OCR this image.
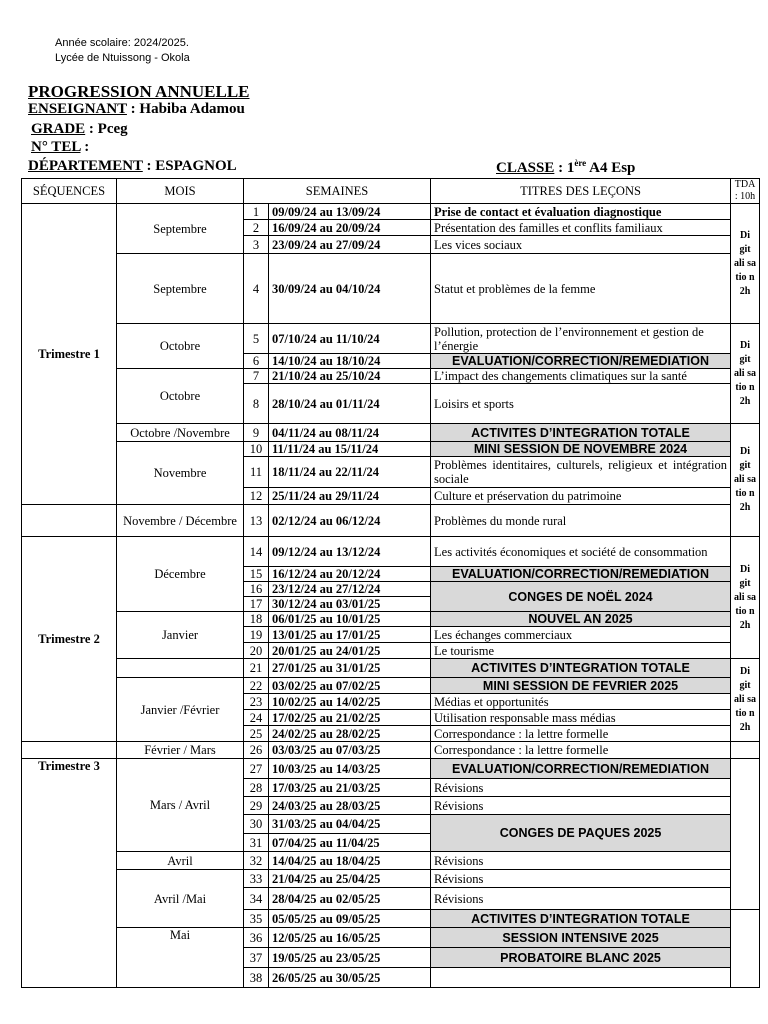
Année scolaire: 2024/2025.
Lycée de Ntuissong - Okola
PROGRESSION ANNUELLE
ENSEIGNANT : Habiba Adamou
GRADE : Pceg
N° TEL :
DÉPARTEMENT : ESPAGNOL	CLASSE : 1ère A4 Esp
SÉQUENCES	MOIS	SEMAINES		TITRES DES LEÇONS	TDA : 10h
Trimestre 1	Septembre	1	09/09/24 au 13/09/24	Prise de contact et évaluation diagnostique	Di git ali sa tio n 2h
		2	16/09/24 au 20/09/24	Présentation des familles et conflits familiaux	
		3	23/09/24 au 27/09/24	Les vices sociaux	
	Septembre	4	30/09/24 au 04/10/24	Statut et problèmes de la femme	
	Octobre	5	07/10/24 au 11/10/24	Pollution, protection de l’environnement et gestion de l’énergie	Di git ali sa tio n 2h
		6	14/10/24 au 18/10/24	EVALUATION/CORRECTION/REMEDIATION	
	Octobre	7	21/10/24 au 25/10/24	L’impact des changements climatiques sur la santé	
		8	28/10/24 au 01/11/24	Loisirs et sports	
	Octobre /Novembre	9	04/11/24 au 08/11/24	ACTIVITES D’INTEGRATION TOTALE	Di git ali sa tio n 2h
	Novembre	10	11/11/24 au 15/11/24	MINI SESSION DE NOVEMBRE 2024	
		11	18/11/24 au 22/11/24	Problèmes identitaires, culturels, religieux et intégration sociale	
		12	25/11/24 au 29/11/24	Culture et préservation du patrimoine	
	Novembre / Décembre	13	02/12/24 au 06/12/24	Problèmes du monde rural	
Trimestre 2	Décembre	14	09/12/24 au 13/12/24	Les activités économiques et société de consommation	Di git ali sa tio n 2h
		15	16/12/24 au 20/12/24	EVALUATION/CORRECTION/REMEDIATION	
		16	23/12/24 au 27/12/24	CONGES DE NOËL 2024	
		17	30/12/24 au 03/01/25		
	Janvier	18	06/01/25 au 10/01/25	NOUVEL AN 2025	
		19	13/01/25 au 17/01/25	Les échanges commerciaux	
		20	20/01/25 au 24/01/25	Le tourisme	
		21	27/01/25 au 31/01/25	ACTIVITES D’INTEGRATION TOTALE	Di git ali sa tio n 2h
	Janvier /Février	22	03/02/25 au 07/02/25	MINI SESSION DE FEVRIER 2025	
		23	10/02/25 au 14/02/25	Médias et opportunités	
		24	17/02/25 au 21/02/25	Utilisation responsable mass médias	
		25	24/02/25 au 28/02/25	Correspondance : la lettre formelle	
	Février / Mars	26	03/03/25 au 07/03/25	Correspondance : la lettre formelle	
Trimestre 3	Mars / Avril	27	10/03/25 au 14/03/25	EVALUATION/CORRECTION/REMEDIATION	
		28	17/03/25 au 21/03/25	Révisions	
		29	24/03/25 au 28/03/25	Révisions	
		30	31/03/25 au 04/04/25	CONGES DE PAQUES 2025	
		31	07/04/25 au 11/04/25		
	Avril	32	14/04/25 au 18/04/25	Révisions	
	Avril /Mai	33	21/04/25 au 25/04/25	Révisions	
		34	28/04/25 au 02/05/25	Révisions	
		35	05/05/25 au 09/05/25	ACTIVITES D’INTEGRATION TOTALE	
	Mai	36	12/05/25 au 16/05/25	SESSION INTENSIVE 2025	
		37	19/05/25 au 23/05/25	PROBATOIRE BLANC 2025	
		38	26/05/25 au 30/05/25		
